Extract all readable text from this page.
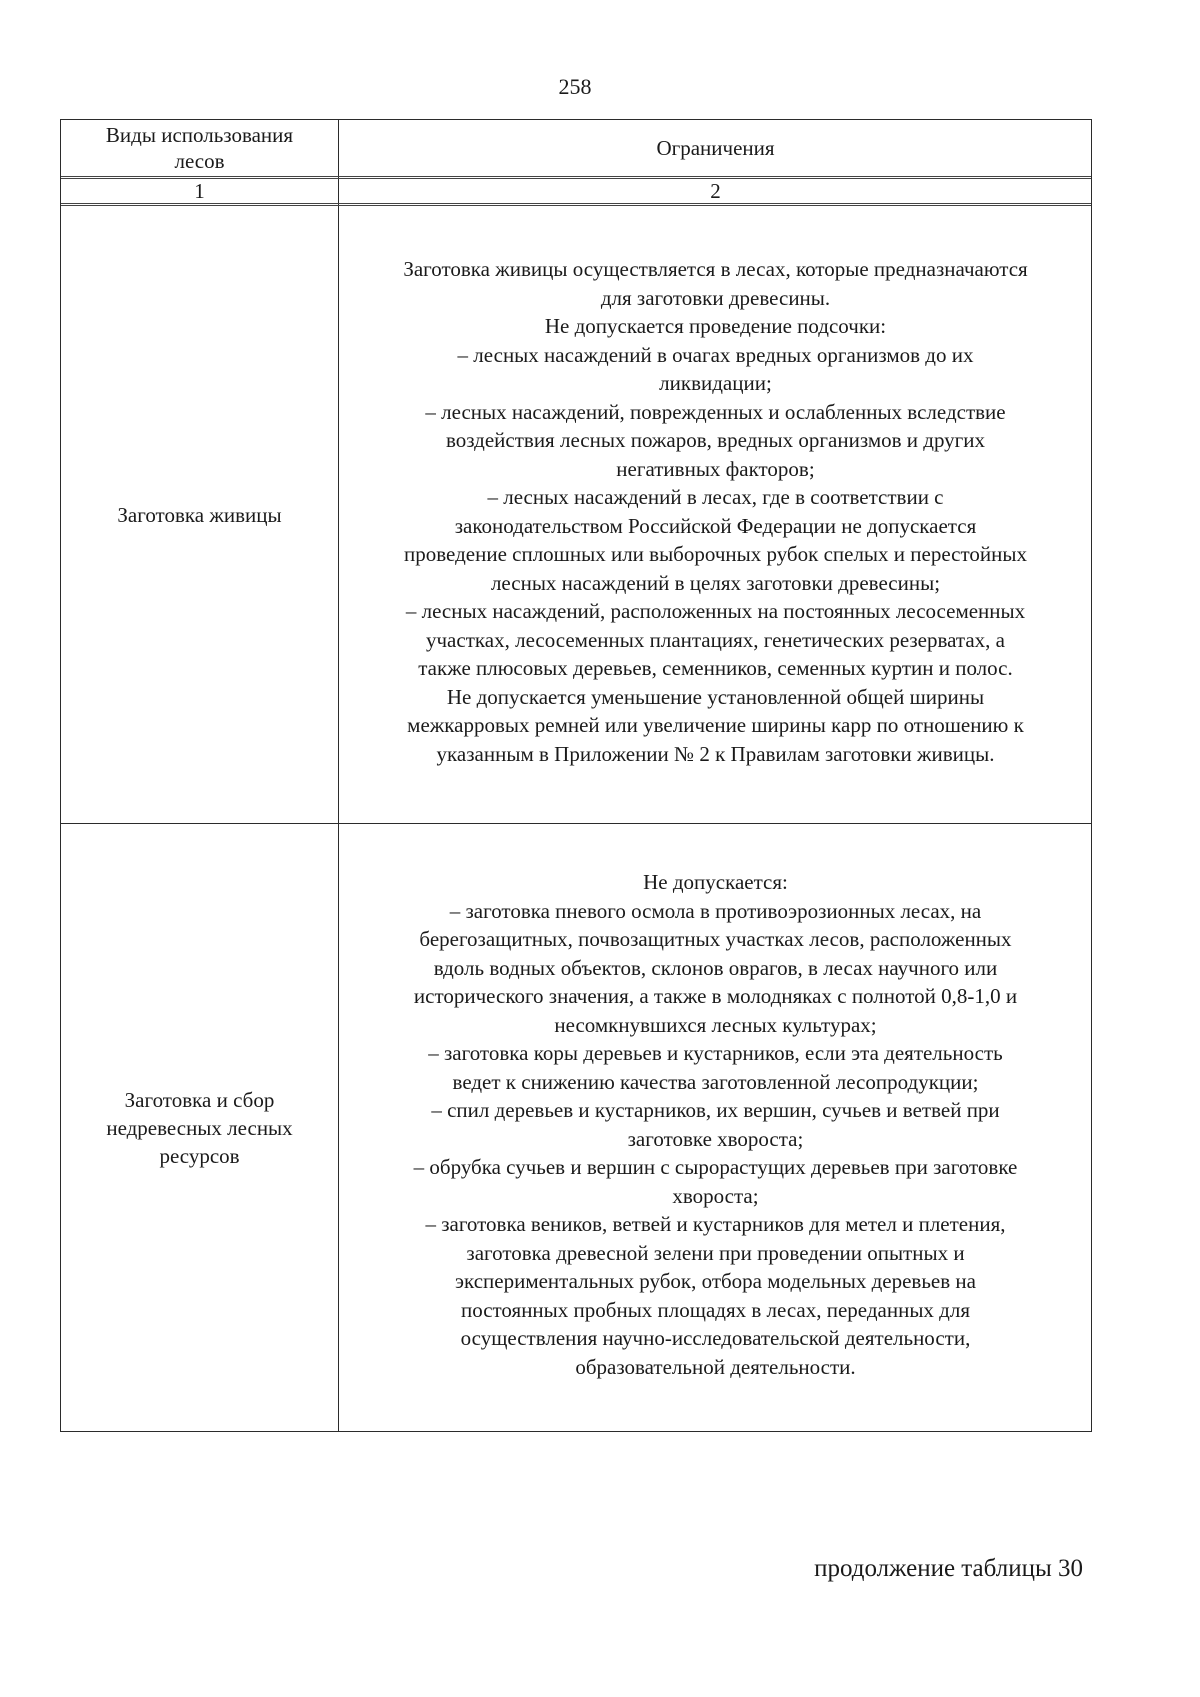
258
Виды использования лесов
Ограничения
1	2
Заготовка живицы
Заготовка живицы осуществляется в лесах, которые предназначаются
для заготовки древесины.
Не допускается проведение подсочки:
– лесных насаждений в очагах вредных организмов до их
ликвидации;
– лесных насаждений, поврежденных и ослабленных вследствие
воздействия лесных пожаров, вредных организмов и других
негативных факторов;
– лесных насаждений в лесах, где в соответствии с
законодательством Российской Федерации не допускается
проведение сплошных или выборочных рубок спелых и перестойных
лесных насаждений в целях заготовки древесины;
– лесных насаждений, расположенных на постоянных лесосеменных
участках, лесосеменных плантациях, генетических резерватах, а
также плюсовых деревьев, семенников, семенных куртин и полос.
Не допускается уменьшение установленной общей ширины
межкарровых ремней или увеличение ширины карр по отношению к
указанным в Приложении № 2 к Правилам заготовки живицы.
Заготовка и сбор недревесных лесных ресурсов
Не допускается:
– заготовка пневого осмола в противоэрозионных лесах, на
берегозащитных, почвозащитных участках лесов, расположенных
вдоль водных объектов, склонов оврагов, в лесах научного или
исторического значения, а также в молодняках с полнотой 0,8-1,0 и
несомкнувшихся лесных культурах;
– заготовка коры деревьев и кустарников, если эта деятельность
ведет к снижению качества заготовленной лесопродукции;
– спил деревьев и кустарников, их вершин, сучьев и ветвей при
заготовке хвороста;
– обрубка сучьев и вершин с сырорастущих деревьев при заготовке
хвороста;
– заготовка веников, ветвей и кустарников для метел и плетения,
заготовка древесной зелени при проведении опытных и
экспериментальных рубок, отбора модельных деревьев на
постоянных пробных площадях в лесах, переданных для
осуществления научно-исследовательской деятельности,
образовательной деятельности.
продолжение таблицы 30
